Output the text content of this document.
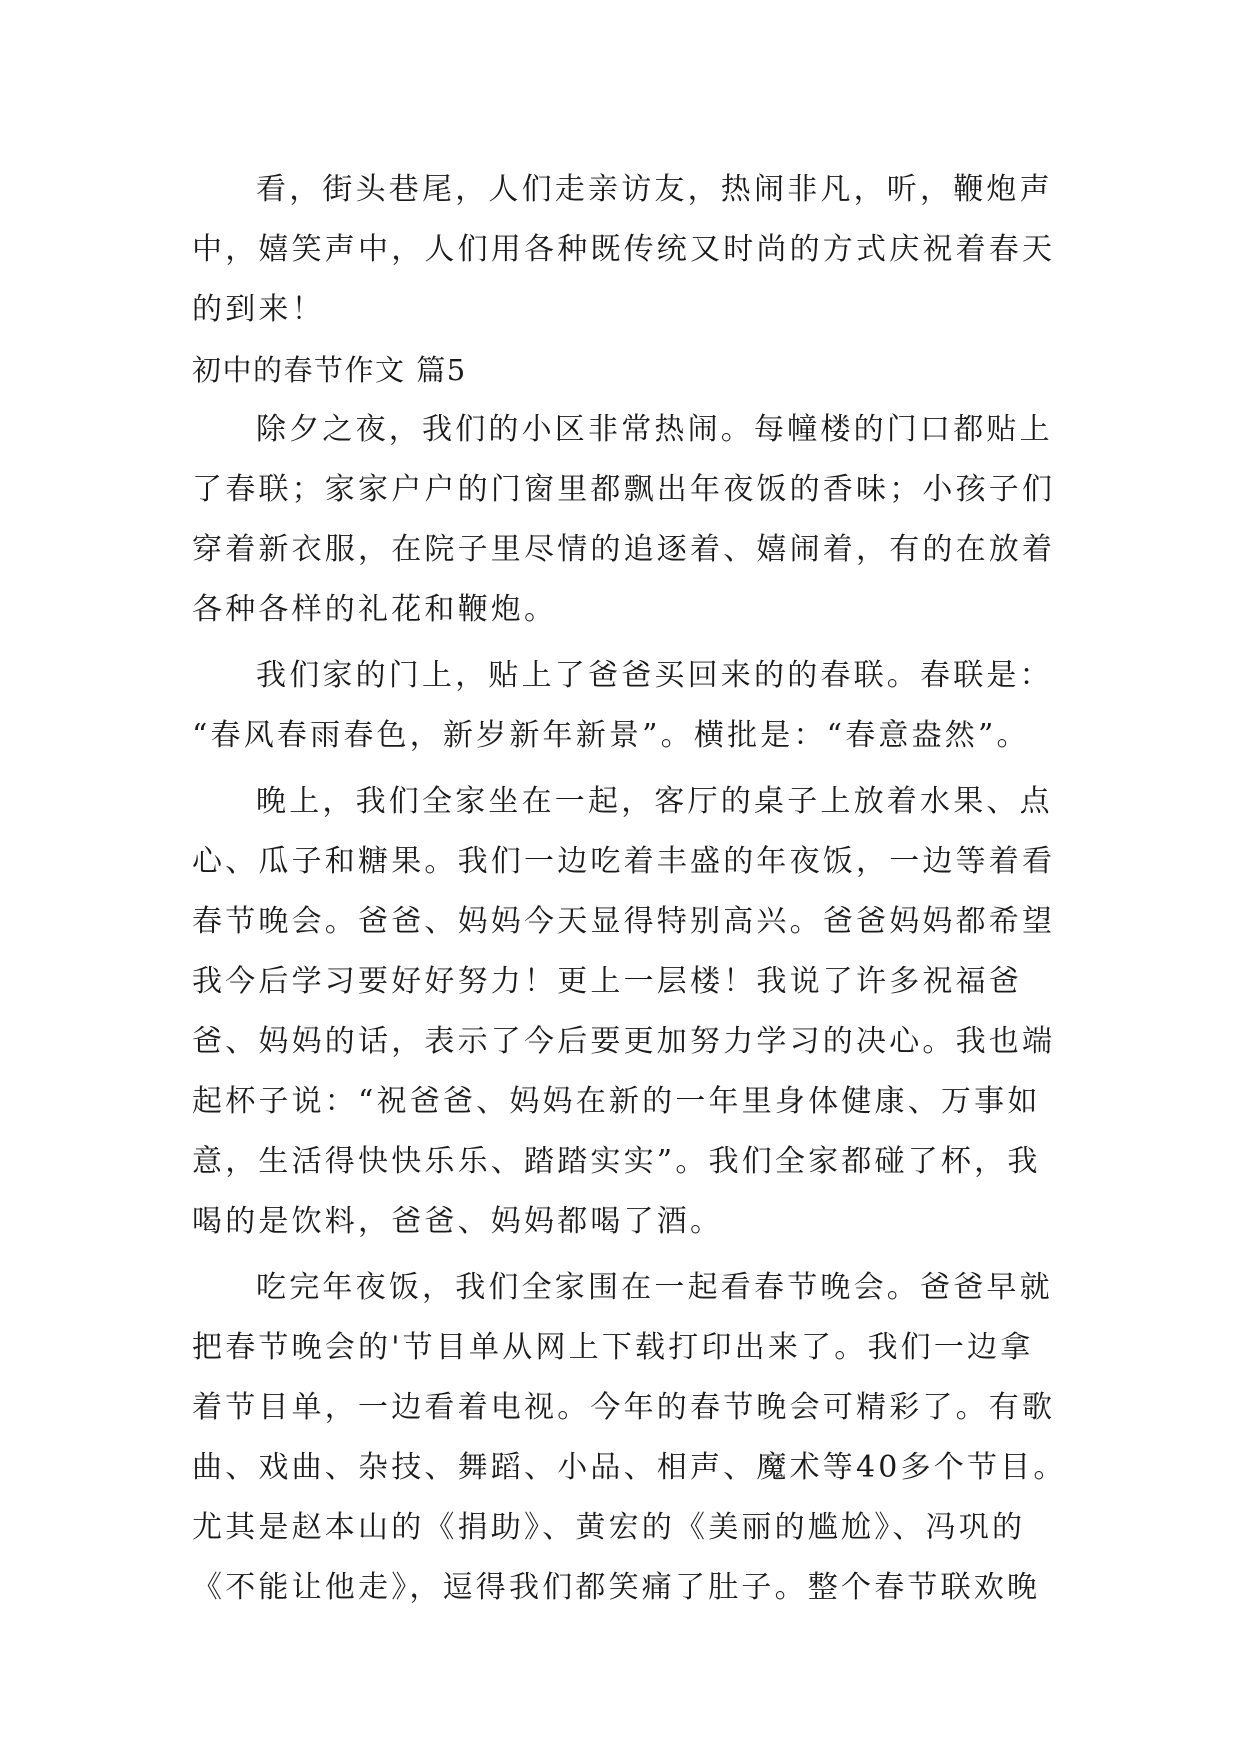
看，街头巷尾，人们走亲访友，热闹非凡，听，鞭炮声
中，嬉笑声中，人们用各种既传统又时尚的方式庆祝着春天
的到来！
初中的春节作文 篇5
除夕之夜，我们的小区非常热闹。每幢楼的门口都贴上
了春联；家家户户的门窗里都飘出年夜饭的香味；小孩子们
穿着新衣服，在院子里尽情的追逐着、嬉闹着，有的在放着
各种各样的礼花和鞭炮。
我们家的门上，贴上了爸爸买回来的的春联。春联是：
“春风春雨春色，新岁新年新景”。横批是：“春意盎然”。
晚上，我们全家坐在一起，客厅的桌子上放着水果、点
心、瓜子和糖果。我们一边吃着丰盛的年夜饭，一边等着看
春节晚会。爸爸、妈妈今天显得特别高兴。爸爸妈妈都希望
我今后学习要好好努力！更上一层楼！我说了许多祝福爸
爸、妈妈的话，表示了今后要更加努力学习的决心。我也端
起杯子说：“祝爸爸、妈妈在新的一年里身体健康、万事如
意，生活得快快乐乐、踏踏实实”。我们全家都碰了杯，我
喝的是饮料，爸爸、妈妈都喝了酒。
吃完年夜饭，我们全家围在一起看春节晚会。爸爸早就
把春节晚会的'节目单从网上下载打印出来了。我们一边拿
着节目单，一边看着电视。今年的春节晚会可精彩了。有歌
曲、戏曲、杂技、舞蹈、小品、相声、魔术等40多个节目。
尤其是赵本山的《捐助》、黄宏的《美丽的尴尬》、冯巩的
《不能让他走》，逗得我们都笑痛了肚子。整个春节联欢晚
